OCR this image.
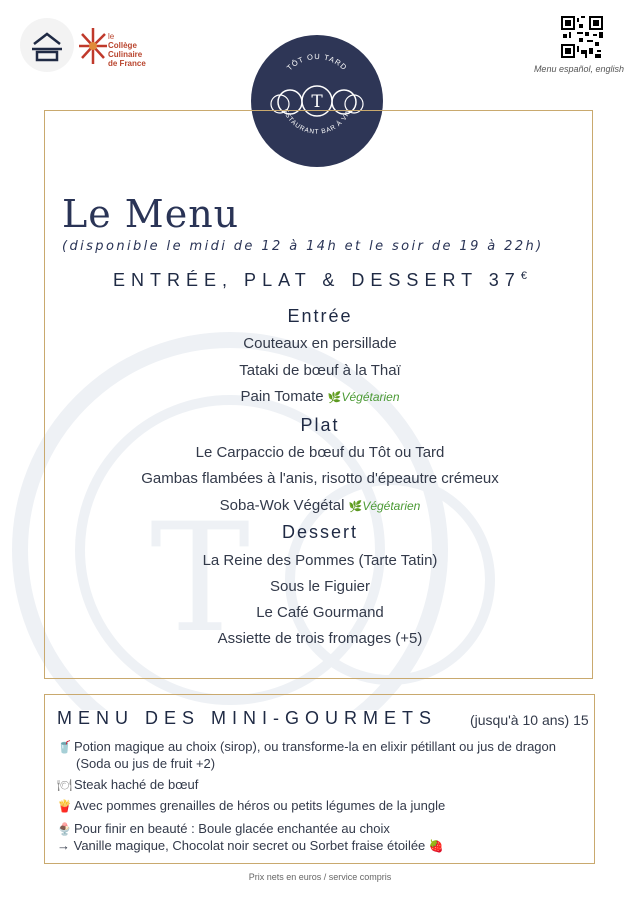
T
le
Collège
Culinaire
de France	TÔT OU TARD
T
ESTAURANT BAR À VIN
Menu español, english
Le Menu
(disponible le midi de 12 à 14h et le soir de 19 à 22h)
ENTRÉE, PLAT & DESSERT 37€
Entrée
Couteaux en persillade
Tataki de bœuf à la Thaï
Pain Tomate 🌿Végétarien
Plat
Le Carpaccio de bœuf du Tôt ou Tard
Gambas flambées à l'anis, risotto d'épeautre crémeux
Soba-Wok Végétal 🌿Végétarien
Dessert
La Reine des Pommes (Tarte Tatin)
Sous le Figuier
Le Café Gourmand
Assiette de trois fromages (+5)
MENU DES MINI-GOURMETS (jusqu'à 10 ans) 15
🥤 Potion magique au choix (sirop), ou transforme-la en elixir pétillant ou jus de dragon
(Soda ou jus de fruit +2)
🍽 Steak haché de bœuf
🍟 Avec pommes grenailles de héros ou petits légumes de la jungle
🍨 Pour finir en beauté : Boule glacée enchantée au choix
→ Vanille magique, Chocolat noir secret ou Sorbet fraise étoilée 🍓
Prix nets en euros / service compris
